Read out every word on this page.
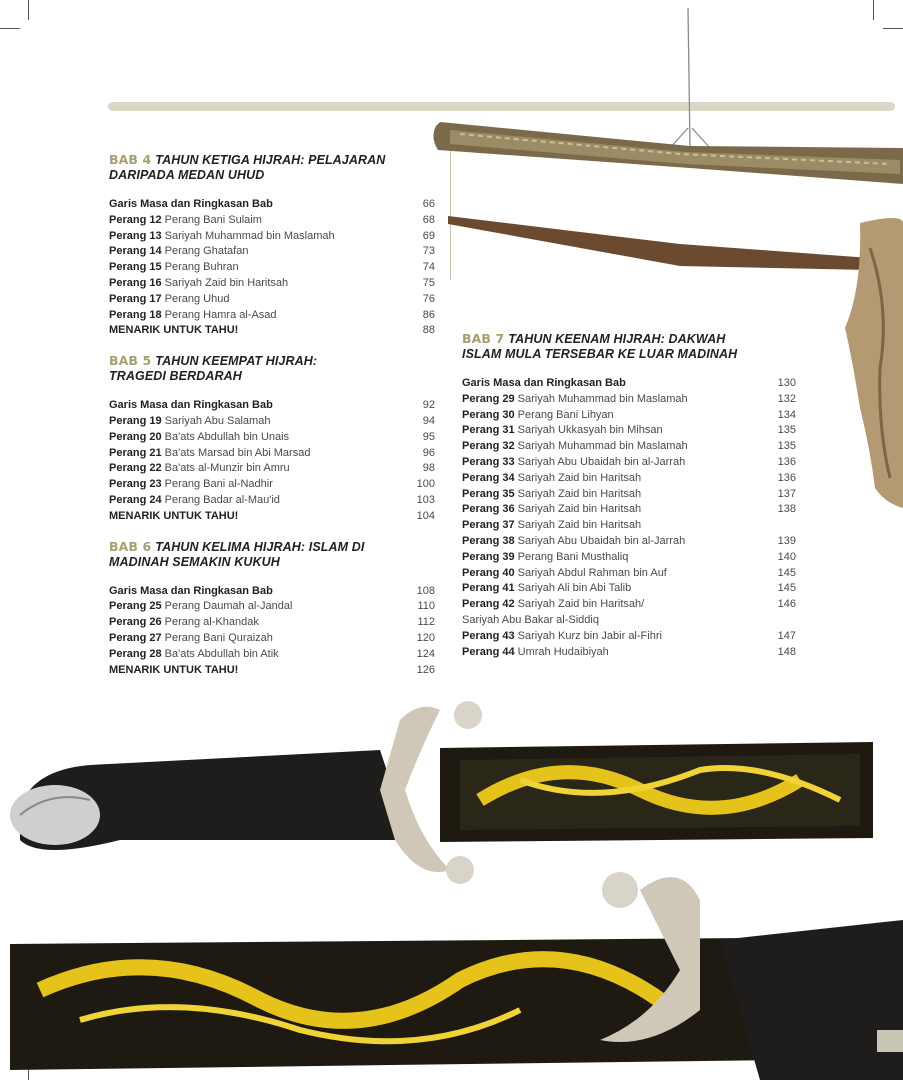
BAB 4 TAHUN KETIGA HIJRAH: PELAJARAN
DARIPADA MEDAN UHUD
Garis Masa dan Ringkasan Bab	66
Perang 12 Perang Bani Sulaim	68
Perang 13 Sariyah Muhammad bin Maslamah	69
Perang 14 Perang Ghatafan	73
Perang 15 Perang Buhran	74
Perang 16 Sariyah Zaid bin Haritsah	75
Perang 17 Perang Uhud	76
Perang 18 Perang Hamra al-Asad	86
MENARIK UNTUK TAHU!	88
BAB 5 TAHUN KEEMPAT HIJRAH:
TRAGEDI BERDARAH
Garis Masa dan Ringkasan Bab	92
Perang 19 Sariyah Abu Salamah	94
Perang 20 Ba'ats Abdullah bin Unais	95
Perang 21 Ba'ats Marsad bin Abi Marsad	96
Perang 22 Ba'ats al-Munzir bin Amru	98
Perang 23 Perang Bani al-Nadhir	100
Perang 24 Perang Badar al-Mau'id	103
MENARIK UNTUK TAHU!	104
BAB 6 TAHUN KELIMA HIJRAH: ISLAM DI
MADINAH SEMAKIN KUKUH
Garis Masa dan Ringkasan Bab	108
Perang 25 Perang Daumah al-Jandal	110
Perang 26 Perang al-Khandak	112
Perang 27 Perang Bani Quraizah	120
Perang 28 Ba'ats Abdullah bin Atik	124
MENARIK UNTUK TAHU!	126
BAB 7 TAHUN KEENAM HIJRAH: DAKWAH
ISLAM MULA TERSEBAR KE LUAR MADINAH
Garis Masa dan Ringkasan Bab	130
Perang 29 Sariyah Muhammad bin Maslamah	132
Perang 30 Perang Bani Lihyan	134
Perang 31 Sariyah Ukkasyah bin Mihsan	135
Perang 32 Sariyah Muhammad bin Maslamah	135
Perang 33 Sariyah Abu Ubaidah bin al-Jarrah	136
Perang 34 Sariyah Zaid bin Haritsah	136
Perang 35 Sariyah Zaid bin Haritsah	137
Perang 36 Sariyah Zaid bin Haritsah	138
Perang 37 Sariyah Zaid bin Haritsah
Perang 38 Sariyah Abu Ubaidah bin al-Jarrah	139
Perang 39 Perang Bani Musthaliq	140
Perang 40 Sariyah Abdul Rahman bin Auf	145
Perang 41 Sariyah Ali bin Abi Talib	145
Perang 42 Sariyah Zaid bin Haritsah/	146
Sariyah Abu Bakar al-Siddiq
Perang 43 Sariyah Kurz bin Jabir al-Fihri	147
Perang 44 Umrah Hudaibiyah	148
